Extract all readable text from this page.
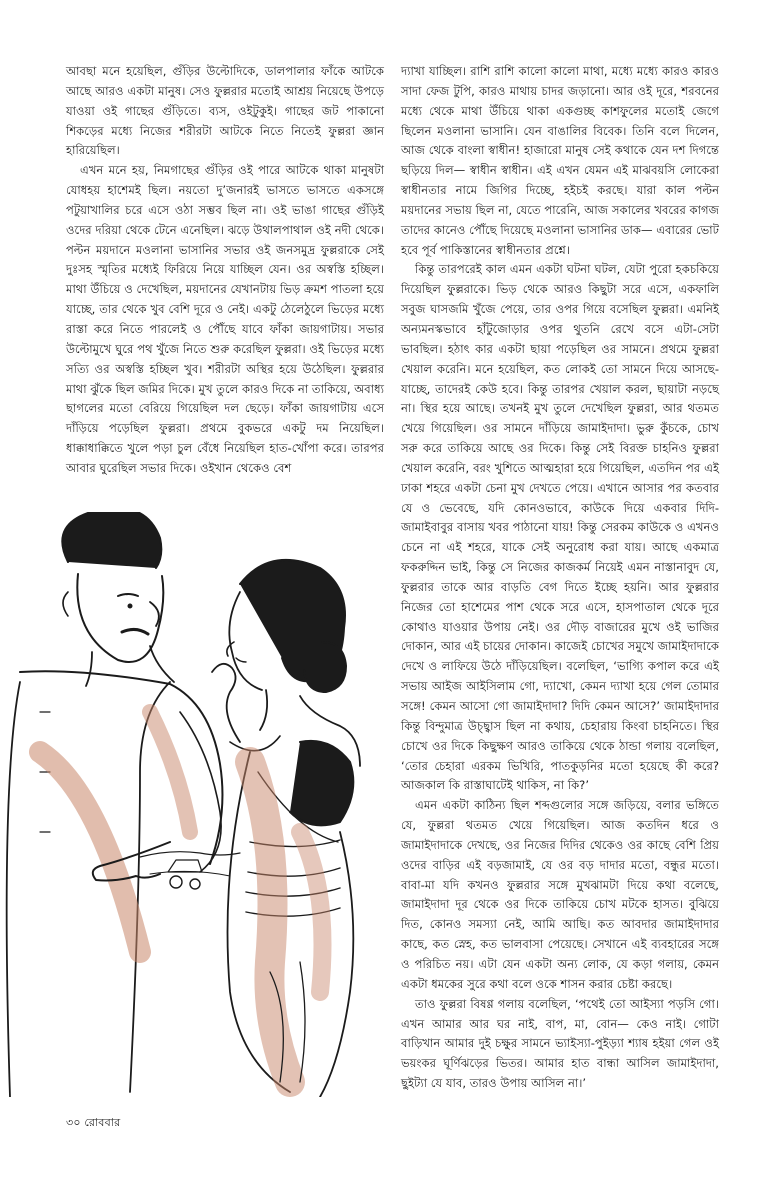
আবছা মনে হয়েছিল, গুঁড়ির উল্টোদিকে, ডালপালার ফাঁকে আটকে আছে আরও একটা মানুষ। সেও ফুল্লরার মতোই আশ্রয় নিয়েছে উপড়ে যাওয়া ওই গাছের গুঁড়িতে। ব্যস, ওইটুকুই। গাছের জট পাকানো শিকড়ের মধ্যে নিজের শরীরটা আটকে নিতে নিতেই ফুল্লরা জ্ঞান হারিয়েছিল।

এখন মনে হয়, নিমগাছের গুঁড়ির ওই পারে আটকে থাকা মানুষটা যোধহয় হাশেমই ছিল। নয়তো দু’জনারই ভাসতে ভাসতে একসঙ্গে পটুয়াখালির চরে এসে ওঠা সম্ভব ছিল না। ওই ভাঙা গাছের গুঁড়িই ওদের দরিয়া থেকে টেনে এনেছিল। ঝড়ে উথালপাথাল ওই নদী থেকে। পল্টন ময়দানে মওলানা ভাসানির সভার ওই জনসমুদ্র ফুল্লরাকে সেই দুঃসহ স্মৃতির মধ্যেই ফিরিয়ে নিয়ে যাচ্ছিল যেন। ওর অস্বস্তি হচ্ছিল। মাথা উঁচিয়ে ও দেখেছিল, ময়দানের যেখানটায় ভিড় ক্রমশ পাতলা হয়ে যাচ্ছে, তার থেকে খুব বেশি দূরে ও নেই। একটু ঠেলেঠুলে ভিড়ের মধ্যে রাস্তা করে নিতে পারলেই ও পৌঁছে যাবে ফাঁকা জায়গাটায়। সভার উল্টোমুখে ঘুরে পথ খুঁজে নিতে শুরু করেছিল ফুল্লরা। ওই ভিড়ের মধ্যে সত্যি ওর অস্বস্তি হচ্ছিল খুব। শরীরটা অস্থির হয়ে উঠেছিল। ফুল্লরার মাথা ঝুঁকে ছিল জমির দিকে। মুখ তুলে কারও দিকে না তাকিয়ে, অবাধ্য ছাগলের মতো বেরিয়ে গিয়েছিল দল ছেড়ে। ফাঁকা জায়গাটায় এসে দাঁড়িয়ে পড়েছিল ফুল্লরা। প্রথমে বুকভরে একটু দম নিয়েছিল। ধাক্কাধাক্কিতে খুলে পড়া চুল বেঁধে নিয়েছিল হাত-খোঁপা করে। তারপর আবার ঘুরেছিল সভার দিকে। ওইখান থেকেও বেশ

দ্যাখা যাচ্ছিল। রাশি রাশি কালো কালো মাথা, মধ্যে মধ্যে কারও কারও সাদা ফেজ টুপি, কারও মাথায় চাদর জড়ানো। আর ওই দূরে, শরবনের মধ্যে থেকে মাথা উঁচিয়ে থাকা একগুচ্ছ কাশফুলের মতোই জেগে ছিলেন মওলানা ভাসানি। যেন বাঙালির বিবেক। তিনি বলে দিলেন, আজ থেকে বাংলা স্বাধীন! হাজারো মানুষ সেই কথাকে যেন দশ দিগন্তে ছড়িয়ে দিল— স্বাধীন স্বাধীন। এই এখন যেমন এই মাঝবয়সি লোকেরা স্বাধীনতার নামে জিগির দিচ্ছে, হইচই করছে। যারা কাল পল্টন ময়দানের সভায় ছিল না, যেতে পারেনি, আজ সকালের খবরের কাগজ তাদের কানেও পৌঁছে দিয়েছে মওলানা ভাসানির ডাক— এবারের ভোট হবে পূর্ব পাকিস্তানের স্বাধীনতার প্রশ্নে।

কিন্তু তারপরেই কাল এমন একটা ঘটনা ঘটল, যেটা পুরো হকচকিয়ে দিয়েছিল ফুল্লরাকে। ভিড় থেকে আরও কিছুটা সরে এসে, একফালি সবুজ ঘাসজমি খুঁজে পেয়ে, তার ওপর গিয়ে বসেছিল ফুল্লরা। এমনিই অন্যমনস্কভাবে হাঁটুজোড়ার ওপর থুতনি রেখে বসে এটা-সেটা ভাবছিল। হঠাৎ কার একটা ছায়া পড়েছিল ওর সামনে। প্রথমে ফুল্লরা খেয়াল করেনি। মনে হয়েছিল, কত লোকই তো সামনে দিয়ে আসছে-যাচ্ছে, তাদেরই কেউ হবে। কিন্তু তারপর খেয়াল করল, ছায়াটা নড়ছে না। স্থির হয়ে আছে। তখনই মুখ তুলে দেখেছিল ফুল্লরা, আর থতমত খেয়ে গিয়েছিল। ওর সামনে দাঁড়িয়ে জামাইদাদা। ভুরু কুঁচকে, চোখ সরু করে তাকিয়ে আছে ওর দিকে। কিন্তু সেই বিরক্ত চাহনিও ফুল্লরা খেয়াল করেনি, বরং খুশিতে আত্মহারা হয়ে গিয়েছিল, এতদিন পর এই ঢাকা শহরে একটা চেনা মুখ দেখতে পেয়ে। এখানে আসার পর কতবার যে ও ভেবেছে, যদি কোনওভাবে, কাউকে দিয়ে একবার দিদি-জামাইবাবুর বাসায় খবর পাঠানো যায়! কিন্তু সেরকম কাউকে ও এখনও চেনে না এই শহরে, যাকে সেই অনুরোধ করা যায়। আছে একমাত্র ফকরুদ্দিন ভাই, কিন্তু সে নিজের কাজকর্ম নিয়েই এমন নাস্তানাবুদ যে, ফুল্লরার তাকে আর বাড়তি বেগ দিতে ইচ্ছে হয়নি। আর ফুল্লরার নিজের তো হাশেমের পাশ থেকে সরে এসে, হাসপাতাল থেকে দূরে কোথাও যাওয়ার উপায় নেই। ওর দৌড় বাজারের মুখে ওই ভাজির দোকান, আর এই চায়ের দোকান। কাজেই চোখের সমুখে জামাইদাদাকে দেখে ও লাফিয়ে উঠে দাঁড়িয়েছিল। বলেছিল, ‘ভাগ্যি কপাল করে এই সভায় আইজ আইসিলাম গো, দ্যাখো, কেমন দ্যাখা হয়ে গেল তোমার সঙ্গে! কেমন আসো গো জামাইদাদা? দিদি কেমন আসে?’ জামাইদাদার কিন্তু বিন্দুমাত্র উচ্ছ্বাস ছিল না কথায়, চেহারায় কিংবা চাহনিতে। স্থির চোখে ওর দিকে কিছুক্ষণ আরও তাকিয়ে থেকে ঠান্ডা গলায় বলেছিল, ‘তোর চেহারা এরকম ভিখিরি, পাতকুড়নির মতো হয়েছে কী করে? আজকাল কি রাস্তাঘাটেই থাকিস, না কি?’

এমন একটা কাঠিন্য ছিল শব্দগুলোর সঙ্গে জড়িয়ে, বলার ভঙ্গিতে যে, ফুল্লরা থতমত খেয়ে গিয়েছিল। আজ কতদিন ধরে ও জামাইদাদাকে দেখছে, ওর নিজের দিদির থেকেও ওর কাছে বেশি প্রিয় ওদের বাড়ির এই বড়জামাই, যে ওর বড় দাদার মতো, বন্ধুর মতো। বাবা-মা যদি কখনও ফুল্লরার সঙ্গে মুখঝামটা দিয়ে কথা বলেছে, জামাইদাদা দূর থেকে ওর দিকে তাকিয়ে চোখ মটকে হাসত। বুঝিয়ে দিত, কোনও সমস্যা নেই, আমি আছি। কত আবদার জামাইদাদার কাছে, কত স্নেহ, কত ভালবাসা পেয়েছে। সেখানে এই ব্যবহারের সঙ্গে ও পরিচিত নয়। এটা যেন একটা অন্য লোক, যে কড়া গলায়, কেমন একটা ধমকের সুরে কথা বলে ওকে শাসন করার চেষ্টা করছে।

তাও ফুল্লরা বিষণ্ণ গলায় বলেছিল, ‘পথেই তো আইস্যা পড়সি গো। এখন আমার আর ঘর নাই, বাপ, মা, বোন— কেও নাই। গোটা বাড়িখান আমার দুই চক্ষুর সামনে ভ্যাইস্যা-পুইড়্যা শ্যাষ হইয়া গেল ওই ভয়ংকর ঘূর্ণিঝড়ের ভিতর। আমার হাত বান্ধা আসিল জামাইদাদা, ছুইট্যা যে যাব, তারও উপায় আসিল না।’

৩০ রোববার
